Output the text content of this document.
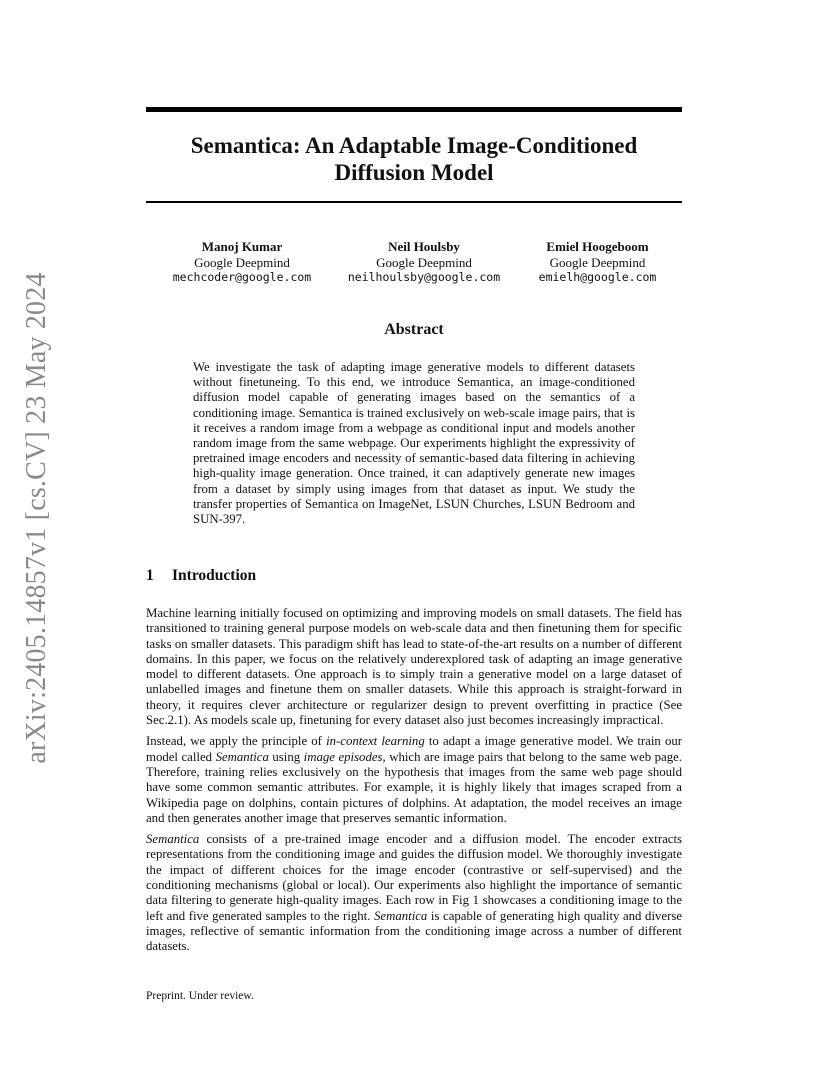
arXiv:2405.14857v1 [cs.CV] 23 May 2024
Semantica: An Adaptable Image-Conditioned
Diffusion Model
Manoj Kumar
Google Deepmind
mechcoder@google.com
Neil Houlsby
Google Deepmind
neilhoulsby@google.com
Emiel Hoogeboom
Google Deepmind
emielh@google.com
Abstract
We investigate the task of adapting image generative models to different datasets without finetuneing. To this end, we introduce Semantica, an image-conditioned diffusion model capable of generating images based on the semantics of a conditioning image. Semantica is trained exclusively on web-scale image pairs, that is it receives a random image from a webpage as conditional input and models another random image from the same webpage. Our experiments highlight the expressivity of pretrained image encoders and necessity of semantic-based data filtering in achieving high-quality image generation. Once trained, it can adaptively generate new images from a dataset by simply using images from that dataset as input. We study the transfer properties of Semantica on ImageNet, LSUN Churches, LSUN Bedroom and SUN-397.
1 Introduction

Machine learning initially focused on optimizing and improving models on small datasets. The field has transitioned to training general purpose models on web-scale data and then finetuning them for specific tasks on smaller datasets. This paradigm shift has lead to state-of-the-art results on a number of different domains. In this paper, we focus on the relatively underexplored task of adapting an image generative model to different datasets. One approach is to simply train a generative model on a large dataset of unlabelled images and finetune them on smaller datasets. While this approach is straight-forward in theory, it requires clever architecture or regularizer design to prevent overfitting in practice (See Sec.2.1). As models scale up, finetuning for every dataset also just becomes increasingly impractical.

Instead, we apply the principle of in-context learning to adapt a image generative model. We train our model called Semantica using image episodes, which are image pairs that belong to the same web page. Therefore, training relies exclusively on the hypothesis that images from the same web page should have some common semantic attributes. For example, it is highly likely that images scraped from a Wikipedia page on dolphins, contain pictures of dolphins. At adaptation, the model receives an image and then generates another image that preserves semantic information.

Semantica consists of a pre-trained image encoder and a diffusion model. The encoder extracts representations from the conditioning image and guides the diffusion model. We thoroughly investigate the impact of different choices for the image encoder (contrastive or self-supervised) and the conditioning mechanisms (global or local). Our experiments also highlight the importance of semantic data filtering to generate high-quality images. Each row in Fig 1 showcases a conditioning image to the left and five generated samples to the right. Semantica is capable of generating high quality and diverse images, reflective of semantic information from the conditioning image across a number of different datasets.

Preprint. Under review.
